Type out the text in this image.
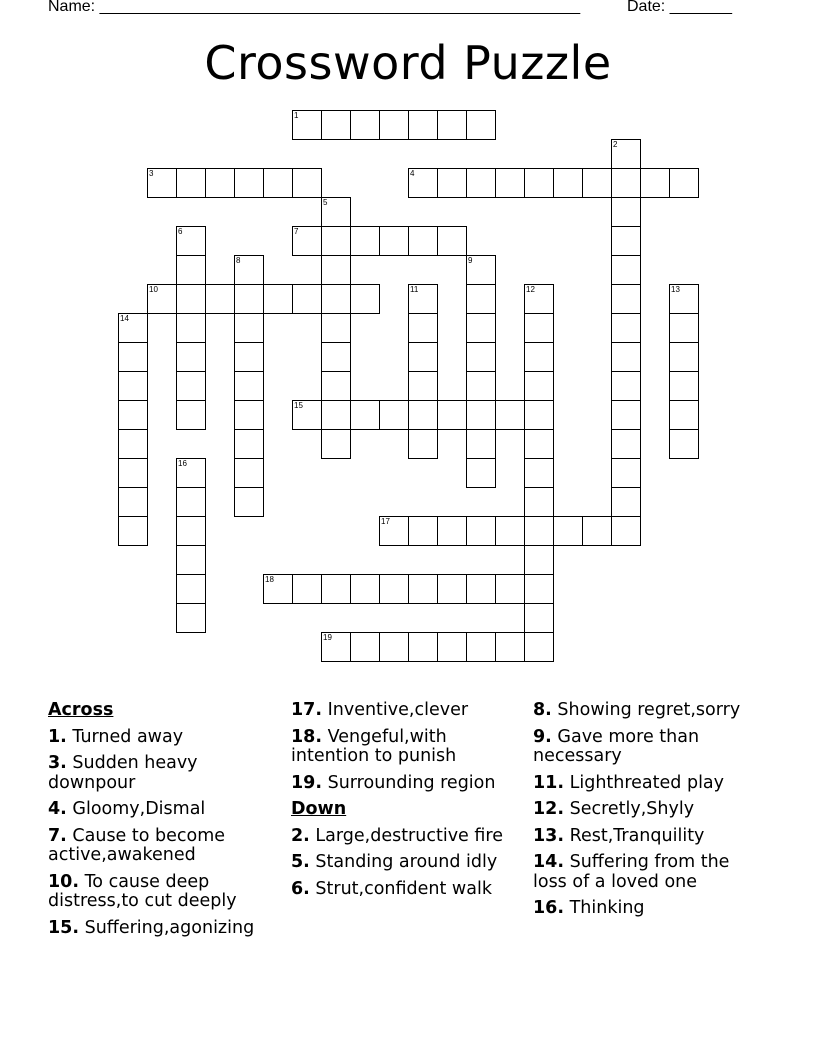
Name: ______________________________________________________	Date: _______
Crossword Puzzle
1
3	4
7
10
15
17
18
19
2
5
6
8	9
11	12	13
14
16
Across
1. Turned away
3. Sudden heavy downpour
4. Gloomy,Dismal
7. Cause to become active,awakened
10. To cause deep distress,to cut deeply
15. Suffering,agonizing
17. Inventive,clever
18. Vengeful,with intention to punish
19. Surrounding region
Down
2. Large,destructive fire
5. Standing around idly
6. Strut,confident walk
8. Showing regret,sorry
9. Gave more than necessary
11. Lighthreated play
12. Secretly,Shyly
13. Rest,Tranquility
14. Suffering from the loss of a loved one
16. Thinking
